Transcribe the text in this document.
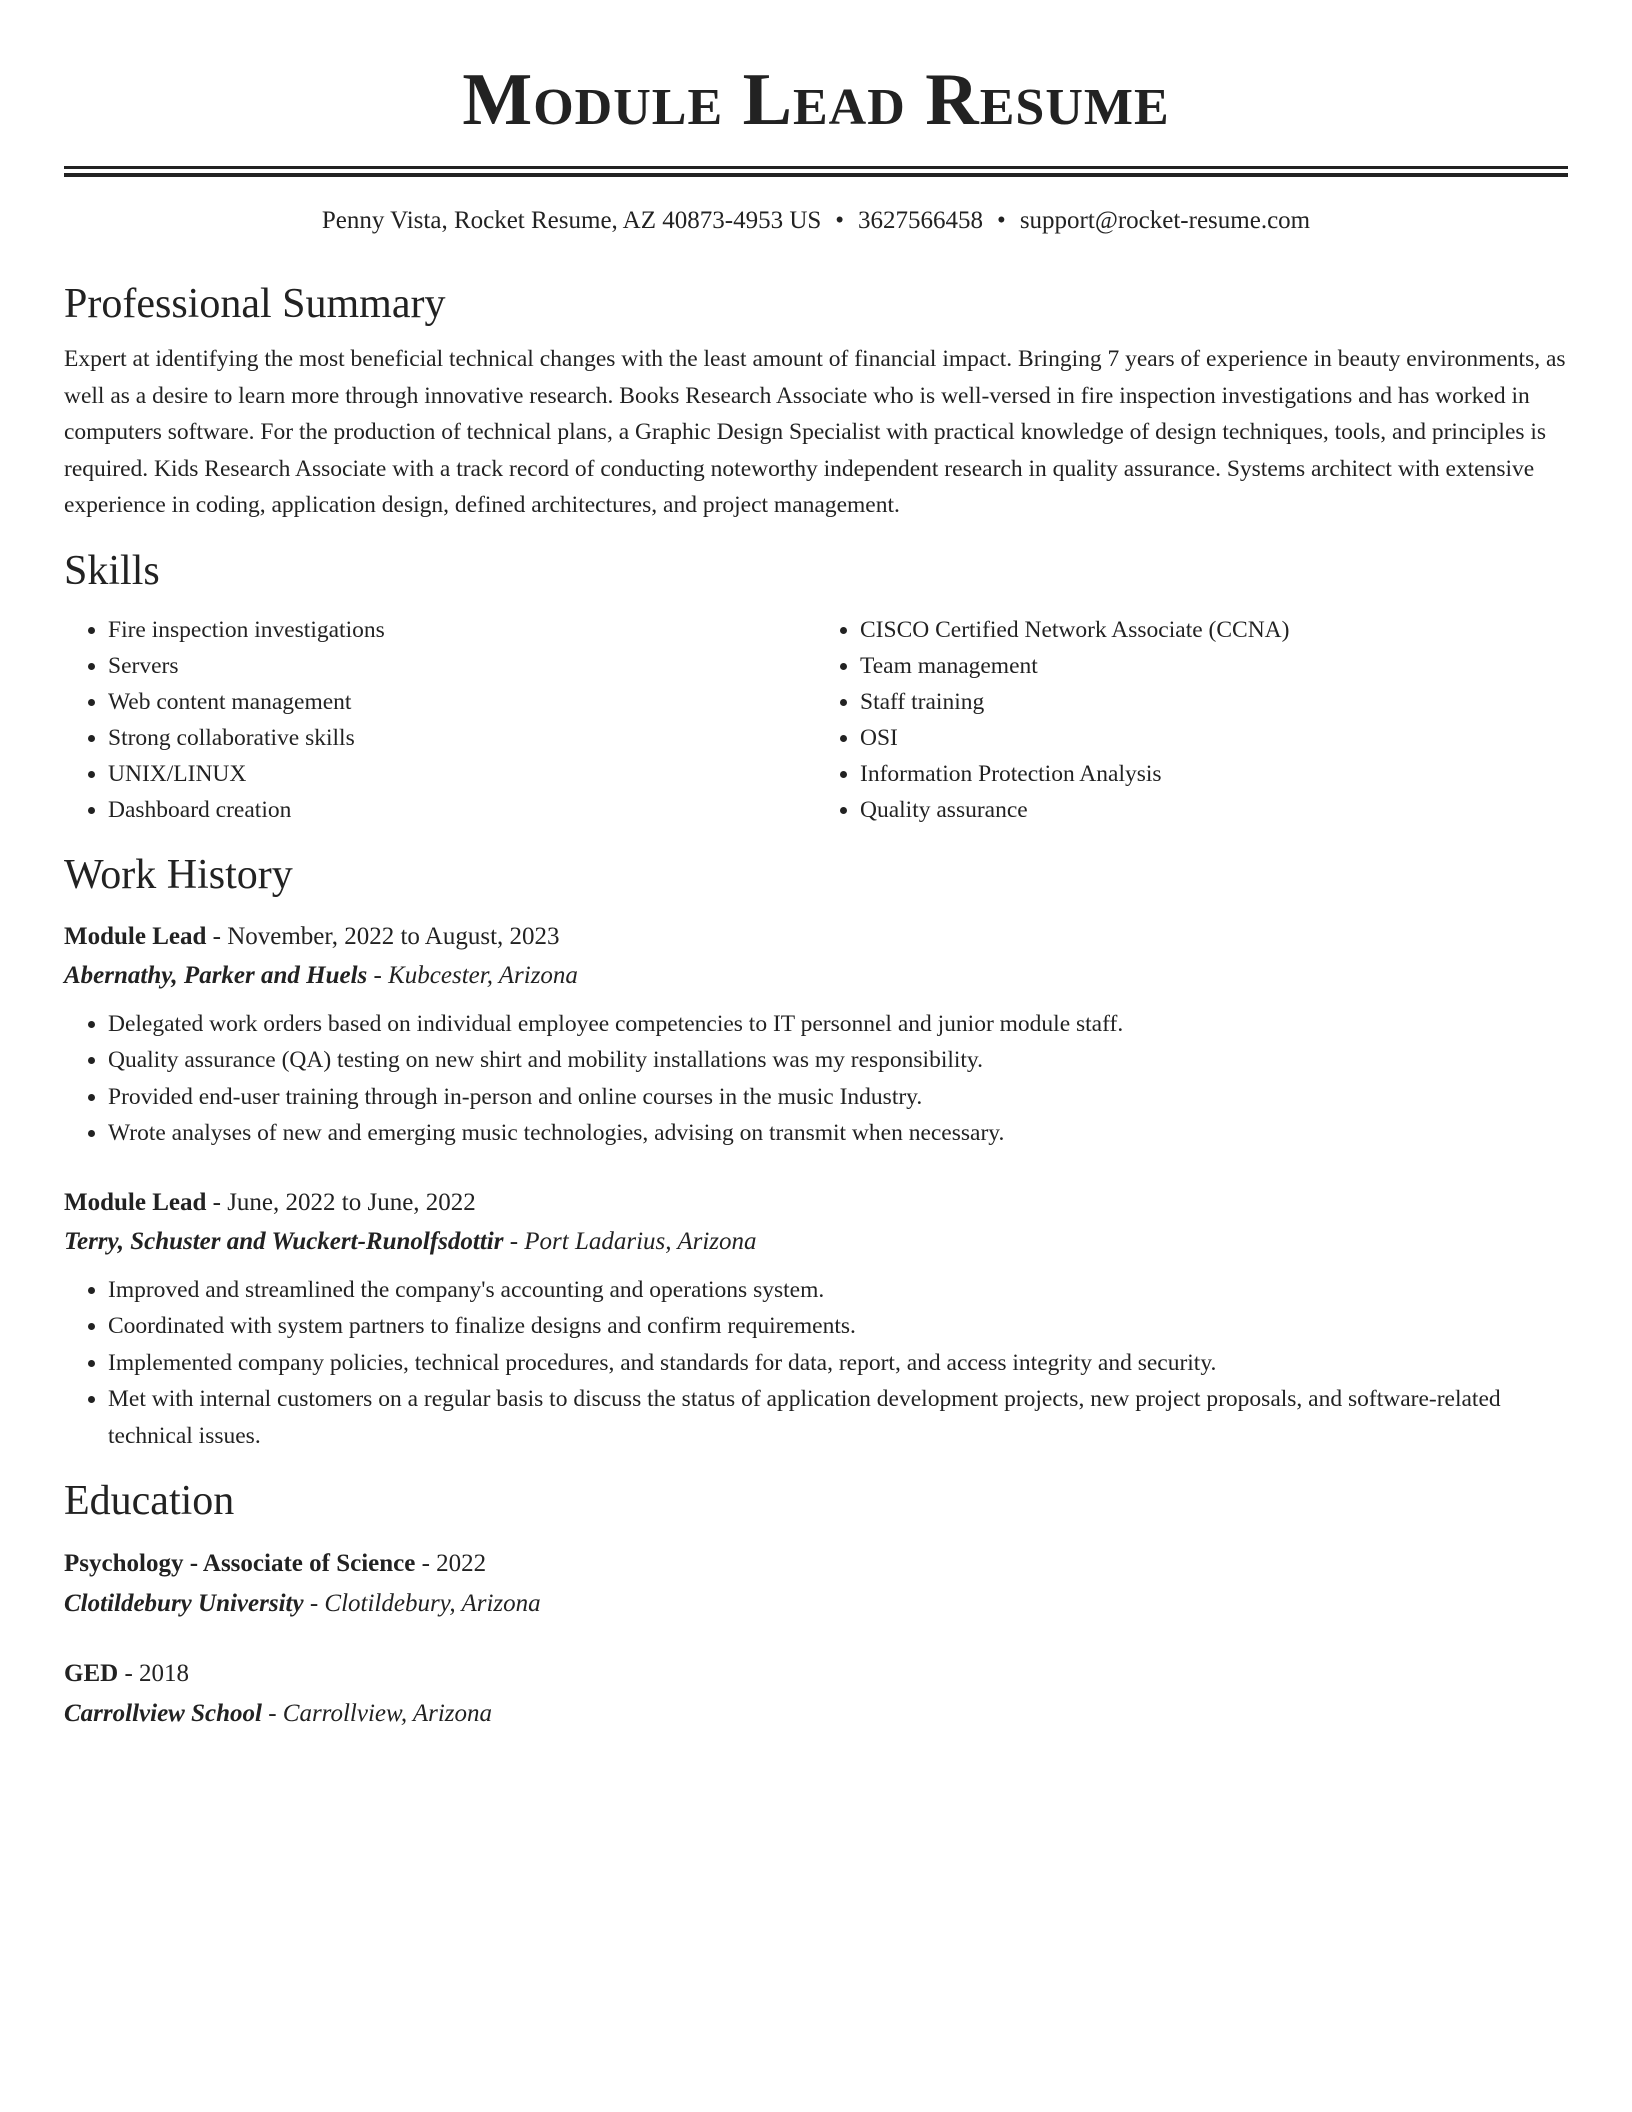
Module Lead Resume
Penny Vista, Rocket Resume, AZ 40873-4953 US • 3627566458 • support@rocket-resume.com
Professional Summary

Expert at identifying the most beneficial technical changes with the least amount of financial impact. Bringing 7 years of experience in beauty environments, as well as a desire to learn more through innovative research. Books Research Associate who is well-versed in fire inspection investigations and has worked in computers software. For the production of technical plans, a Graphic Design Specialist with practical knowledge of design techniques, tools, and principles is required. Kids Research Associate with a track record of conducting noteworthy independent research in quality assurance. Systems architect with extensive experience in coding, application design, defined architectures, and project management.

Skills
• Fire inspection investigations
• Servers
• Web content management
• Strong collaborative skills
• UNIX/LINUX
• Dashboard creation
• CISCO Certified Network Associate (CCNA)
• Team management
• Staff training
• OSI
• Information Protection Analysis
• Quality assurance
Work History
Module Lead - November, 2022 to August, 2023
Abernathy, Parker and Huels - Kubcester, Arizona
• Delegated work orders based on individual employee competencies to IT personnel and junior module staff.
• Quality assurance (QA) testing on new shirt and mobility installations was my responsibility.
• Provided end-user training through in-person and online courses in the music Industry.
• Wrote analyses of new and emerging music technologies, advising on transmit when necessary.
Module Lead - June, 2022 to June, 2022
Terry, Schuster and Wuckert-Runolfsdottir - Port Ladarius, Arizona
• Improved and streamlined the company's accounting and operations system.
• Coordinated with system partners to finalize designs and confirm requirements.
• Implemented company policies, technical procedures, and standards for data, report, and access integrity and security.
• Met with internal customers on a regular basis to discuss the status of application development projects, new project proposals, and software-related technical issues.
Education
Psychology - Associate of Science - 2022
Clotildebury University - Clotildebury, Arizona
GED - 2018
Carrollview School - Carrollview, Arizona
